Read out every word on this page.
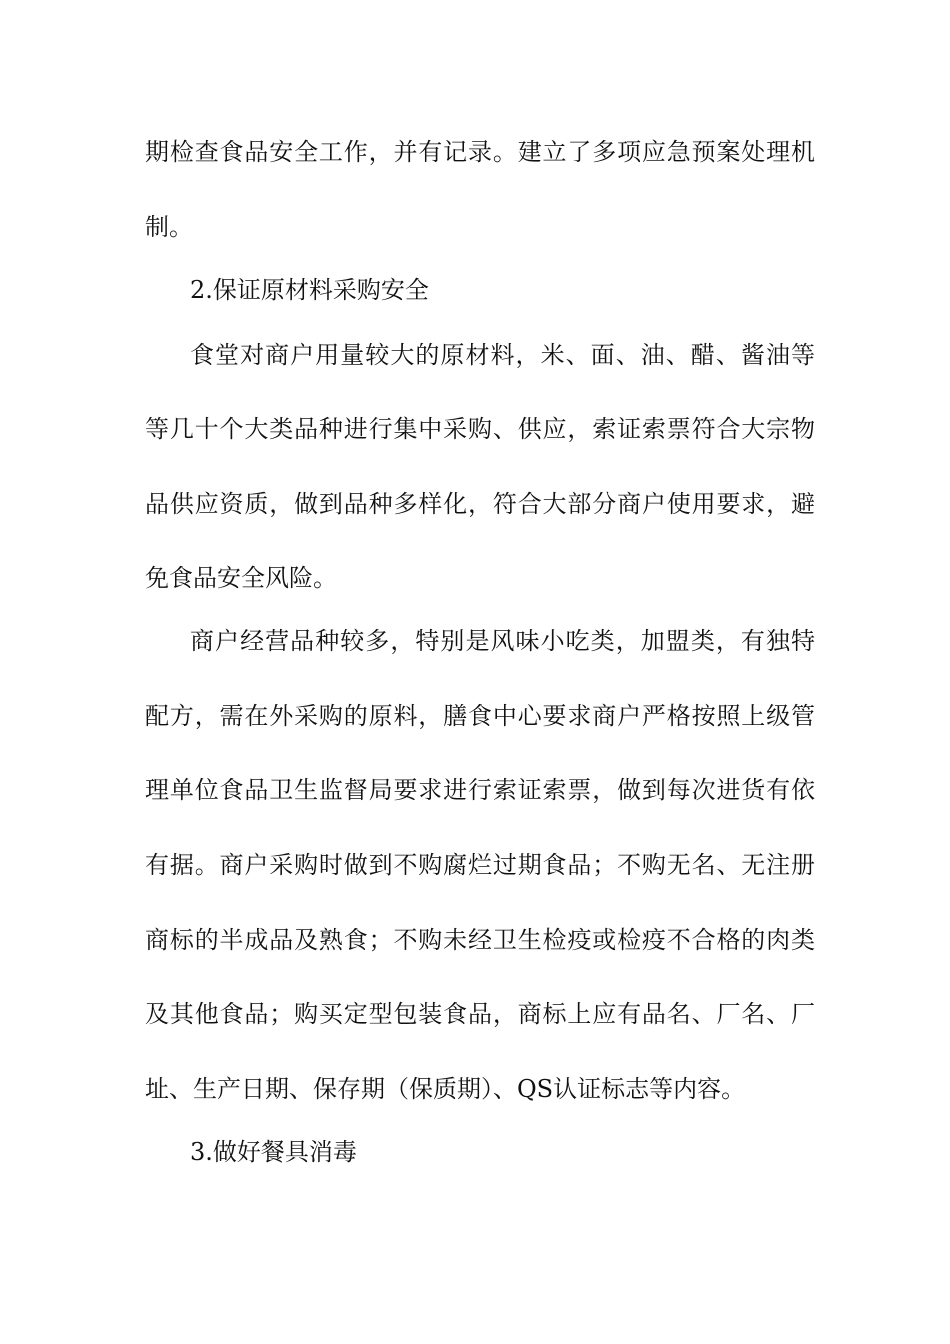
期检查食品安全工作，并有记录。建立了多项应急预案处理机
制。
2.保证原材料采购安全
食堂对商户用量较大的原材料，米、面、油、醋、酱油等
等几十个大类品种进行集中采购、供应，索证索票符合大宗物
品供应资质，做到品种多样化，符合大部分商户使用要求，避
免食品安全风险。
商户经营品种较多，特别是风味小吃类，加盟类，有独特
配方，需在外采购的原料，膳食中心要求商户严格按照上级管
理单位食品卫生监督局要求进行索证索票，做到每次进货有依
有据。商户采购时做到不购腐烂过期食品；不购无名、无注册
商标的半成品及熟食；不购未经卫生检疫或检疫不合格的肉类
及其他食品；购买定型包装食品，商标上应有品名、厂名、厂
址、生产日期、保存期（保质期）、QS认证标志等内容。
3.做好餐具消毒
